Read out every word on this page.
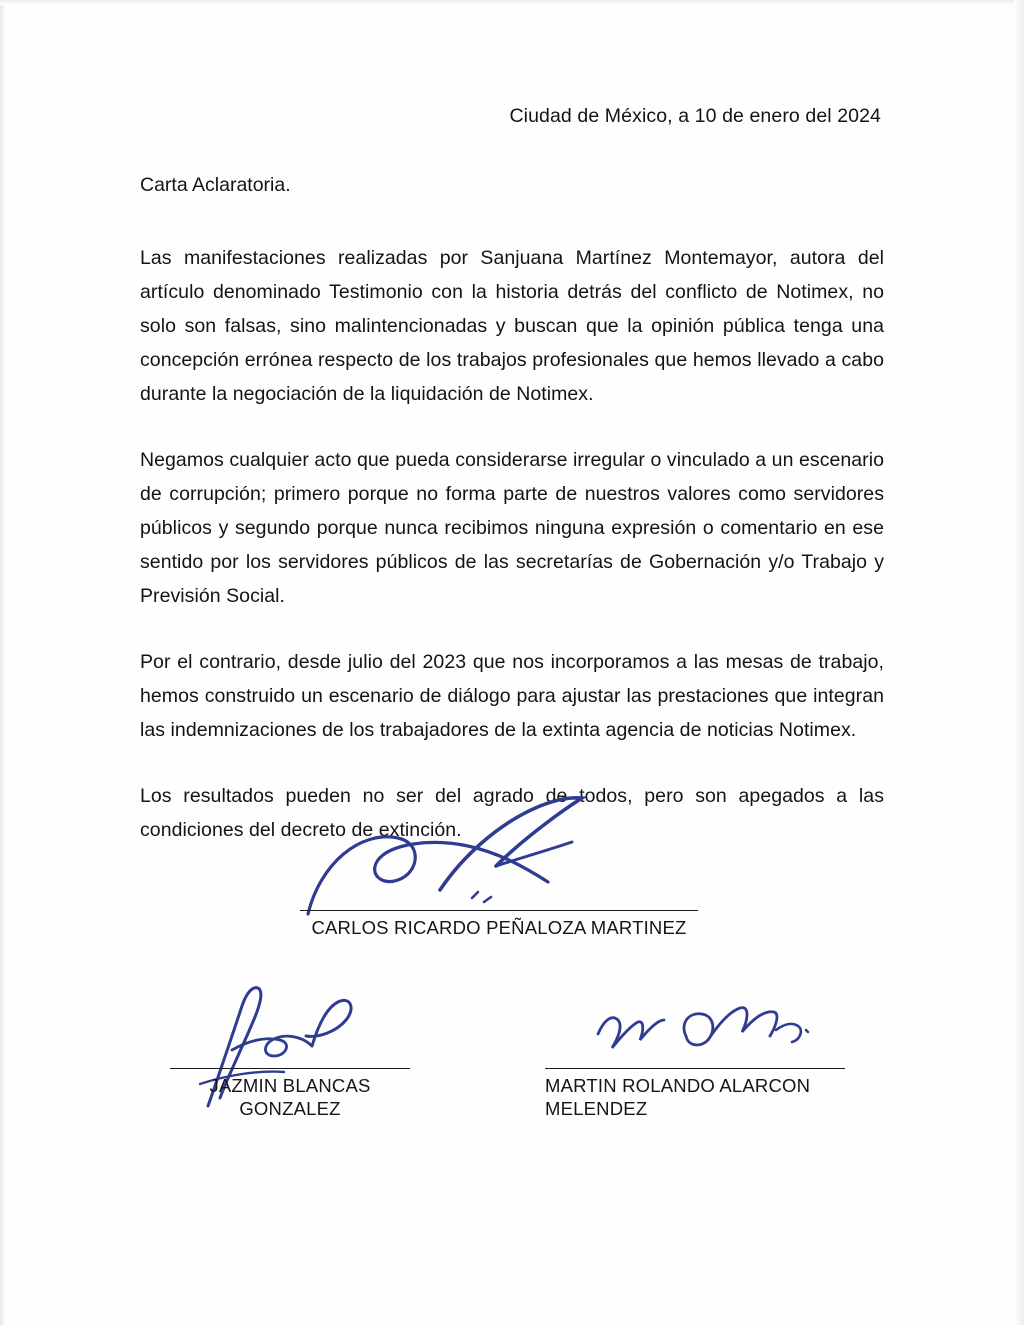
Ciudad de México, a 10 de enero del 2024
Carta Aclaratoria.

Las manifestaciones realizadas por Sanjuana Martínez Montemayor, autora del artículo denominado Testimonio con la historia detrás del conflicto de Notimex, no solo son falsas, sino malintencionadas y buscan que la opinión pública tenga una concepción errónea respecto de los trabajos profesionales que hemos llevado a cabo durante la negociación de la liquidación de Notimex.

Negamos cualquier acto que pueda considerarse irregular o vinculado a un escenario de corrupción; primero porque no forma parte de nuestros valores como servidores públicos y segundo porque nunca recibimos ninguna expresión o comentario en ese sentido por los servidores públicos de las secretarías de Gobernación y/o Trabajo y Previsión Social.

Por el contrario, desde julio del 2023 que nos incorporamos a las mesas de trabajo, hemos construido un escenario de diálogo para ajustar las prestaciones que integran las indemnizaciones de los trabajadores de la extinta agencia de noticias Notimex.

Los resultados pueden no ser del agrado de todos, pero son apegados a las condiciones del decreto de extinción.

CARLOS RICARDO PEÑALOZA MARTINEZ
JAZMIN BLANCAS GONZALEZ
MARTIN ROLANDO ALARCON MELENDEZ
